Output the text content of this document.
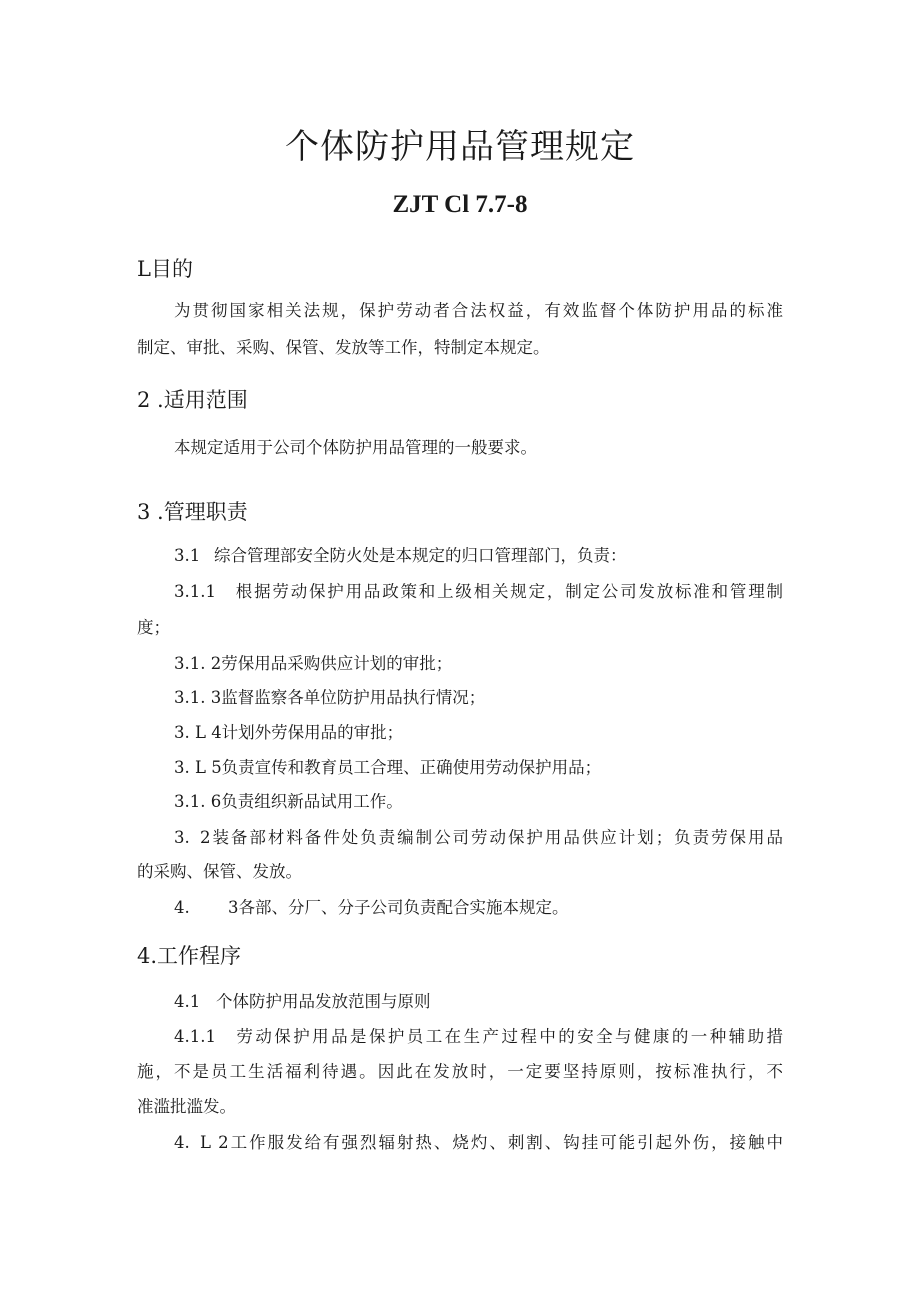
个体防护用品管理规定
ZJT Cl 7.7-8
L目的
为贯彻国家相关法规，保护劳动者合法权益，有效监督个体防护用品的标准
制定、审批、采购、保管、发放等工作，特制定本规定。
2 .适用范围
本规定适用于公司个体防护用品管理的一般要求。
3 .管理职责
3.1 综合管理部安全防火处是本规定的归口管理部门，负责：
3.1.1 根据劳动保护用品政策和上级相关规定，制定公司发放标准和管理制
度；
3.1. 2劳保用品采购供应计划的审批；
3.1. 3监督监察各单位防护用品执行情况；
3. L 4计划外劳保用品的审批；
3. L 5负责宣传和教育员工合理、正确使用劳动保护用品；
3.1. 6负责组织新品试用工作。
3. 2装备部材料备件处负责编制公司劳动保护用品供应计划；负责劳保用品
的采购、保管、发放。
4. 3各部、分厂、分子公司负责配合实施本规定。
4.工作程序
4.1 个体防护用品发放范围与原则
4.1.1 劳动保护用品是保护员工在生产过程中的安全与健康的一种辅助措
施，不是员工生活福利待遇。因此在发放时，一定要坚持原则，按标准执行，不
准滥批滥发。
4. L 2工作服发给有强烈辐射热、烧灼、刺割、钩挂可能引起外伤，接触中
